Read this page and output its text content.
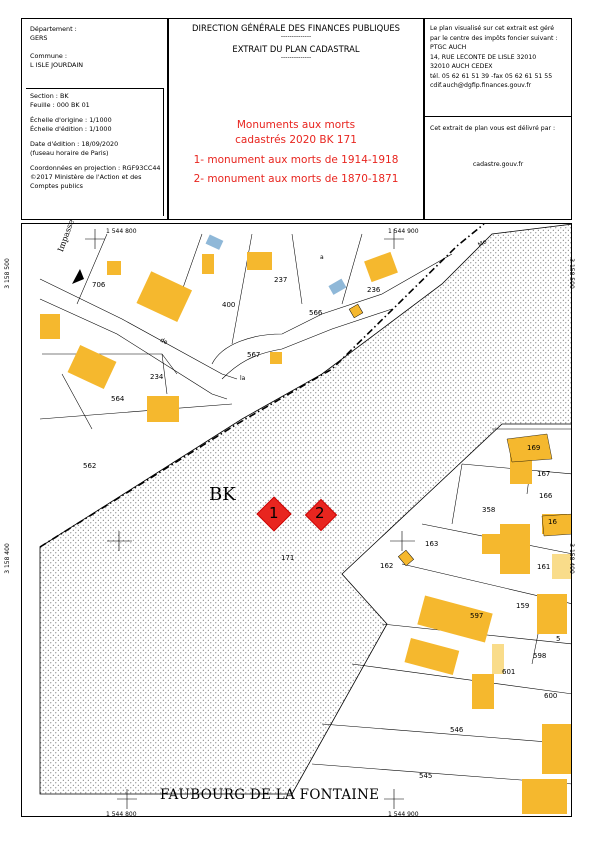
Département :
GERS
Commune :
L ISLE JOURDAIN
Section : BK
Feuille : 000 BK 01
Échelle d'origine : 1/1000
Échelle d'édition : 1/1000
Date d'édition : 18/09/2020
(fuseau horaire de Paris)
Coordonnées en projection : RGF93CC44
©2017 Ministère de l'Action et des
Comptes publics
DIRECTION GÉNÉRALE DES FINANCES PUBLIQUES
--------------
EXTRAIT DU PLAN CADASTRAL
--------------
Monuments aux morts
cadastrés 2020 BK 171
1- monument aux morts de 1914-1918
2- monument aux morts de 1870-1871
Le plan visualisé sur cet extrait est géré
par le centre des impôts foncier suivant :
PTGC AUCH
14, RUE LECONTE DE LISLE 32010
32010 AUCH CEDEX
tél. 05 62 61 51 39 -fax 05 62 61 51 55
cdif.auch@dgfip.finances.gouv.fr
Cet extrait de plan vous est délivré par :
cadastre.gouv.fr
BK
1 2
FAUBOURG DE LA FONTAINE
Impasse	1 544 800	1 544 900
1 544 800	1 544 900
3 158 500
3 158 400
3 158 500
3 158 400
a
de
la
Mo
706
400
237
236
566
567
234
564
562
171
169
167
166
358
16
163
162	161
159
597
5
598
601
600
546
545
